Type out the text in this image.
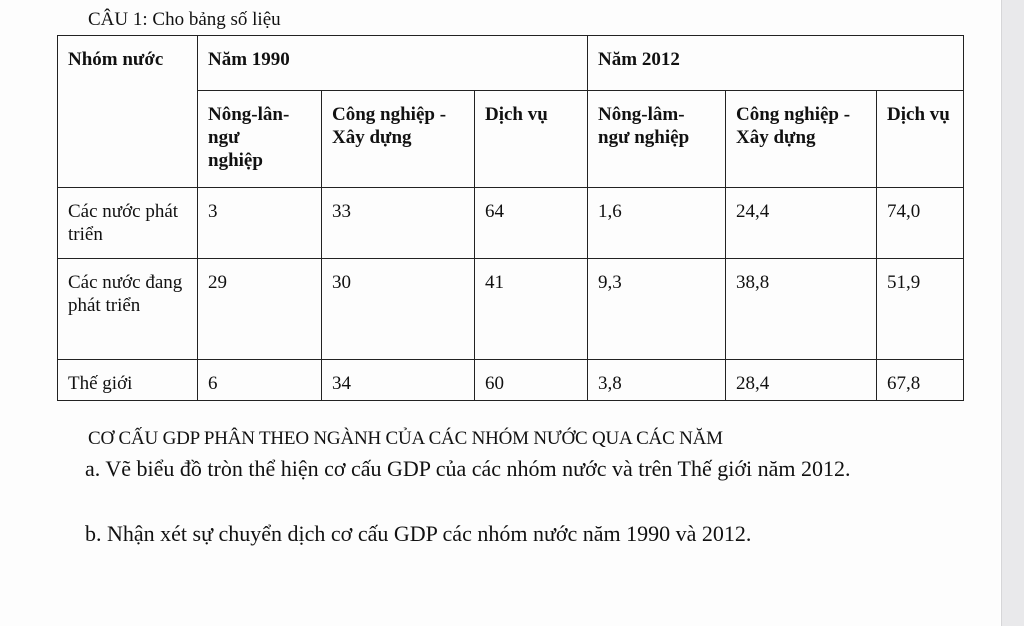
CÂU 1: Cho bảng số liệu
Nhóm nước	Năm 1990			Năm 2012		
	Nông-lân-ngư nghiệp	Công nghiệp - Xây dựng	Dịch vụ	Nông-lâm-ngư nghiệp	Công nghiệp - Xây dựng	Dịch vụ
Các nước phát triển	3	33	64	1,6	24,4	74,0
Các nước đang phát triển	29	30	41	9,3	38,8	51,9
Thế giới	6	34	60	3,8	28,4	67,8
CƠ CẤU GDP PHÂN THEO NGÀNH CỦA CÁC NHÓM NƯỚC QUA CÁC NĂM
a. Vẽ biểu đồ tròn thể hiện cơ cấu GDP của các nhóm nước và trên Thế giới năm 2012.
b. Nhận xét sự chuyển dịch cơ cấu GDP các nhóm nước năm 1990 và 2012.
